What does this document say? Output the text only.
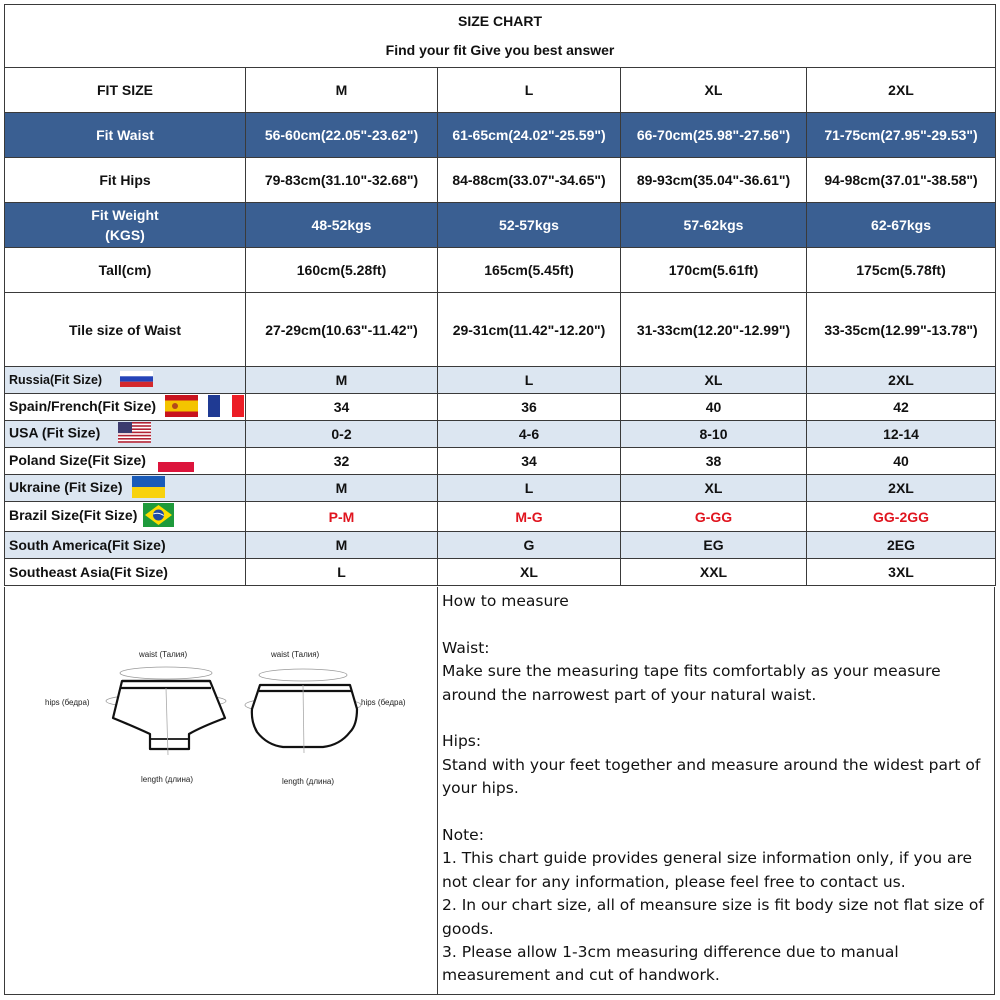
SIZE CHART
Find your fit Give you best answer				

FIT SIZE	M	L	XL	2XL
Fit Waist	56-60cm(22.05"-23.62")	61-65cm(24.02"-25.59")	66-70cm(25.98"-27.56")	71-75cm(27.95"-29.53")
Fit Hips	79-83cm(31.10"-32.68")	84-88cm(33.07"-34.65")	89-93cm(35.04"-36.61")	94-98cm(37.01"-38.58")

Fit Weight
(KGS)	48-52kgs	52-57kgs	57-62kgs	62-67kgs
Tall(cm)	160cm(5.28ft)	165cm(5.45ft)	170cm(5.61ft)	175cm(5.78ft)
Tile size of Waist	27-29cm(10.63"-11.42")	29-31cm(11.42"-12.20")	31-33cm(12.20"-12.99")	33-35cm(12.99"-13.78")
Russia(Fit Size)	M	L	XL	2XL
Spain/French(Fit Size)	34	36	40	42
USA (Fit Size)	0-2	4-6	8-10	12-14
Poland Size(Fit Size)	32	34	38	40
Ukraine (Fit Size)	M	L	XL	2XL
Brazil Size(Fit Size)	P-M	M-G	G-GG	GG-2GG
South America(Fit Size)	M	G	EG	2EG
Southeast Asia(Fit Size)	L	XL	XXL	3XL
waist (Талия)
hips (бедра)
length (длина)
waist (Талия)
hips (бедра)
length (длина)

How to measure

Waist:

Make sure the measuring tape fits comfortably as your measure around the narrowest part of your natural waist.

Hips:

Stand with your feet together and measure around the widest part of your hips.

Note:

1. This chart guide provides general size information only, if you are not clear for any information, please feel free to contact us.

2. In our chart size, all of meansure size is fit body size not flat size of goods.

3. Please allow 1-3cm measuring difference due to manual measurement and cut of handwork.
